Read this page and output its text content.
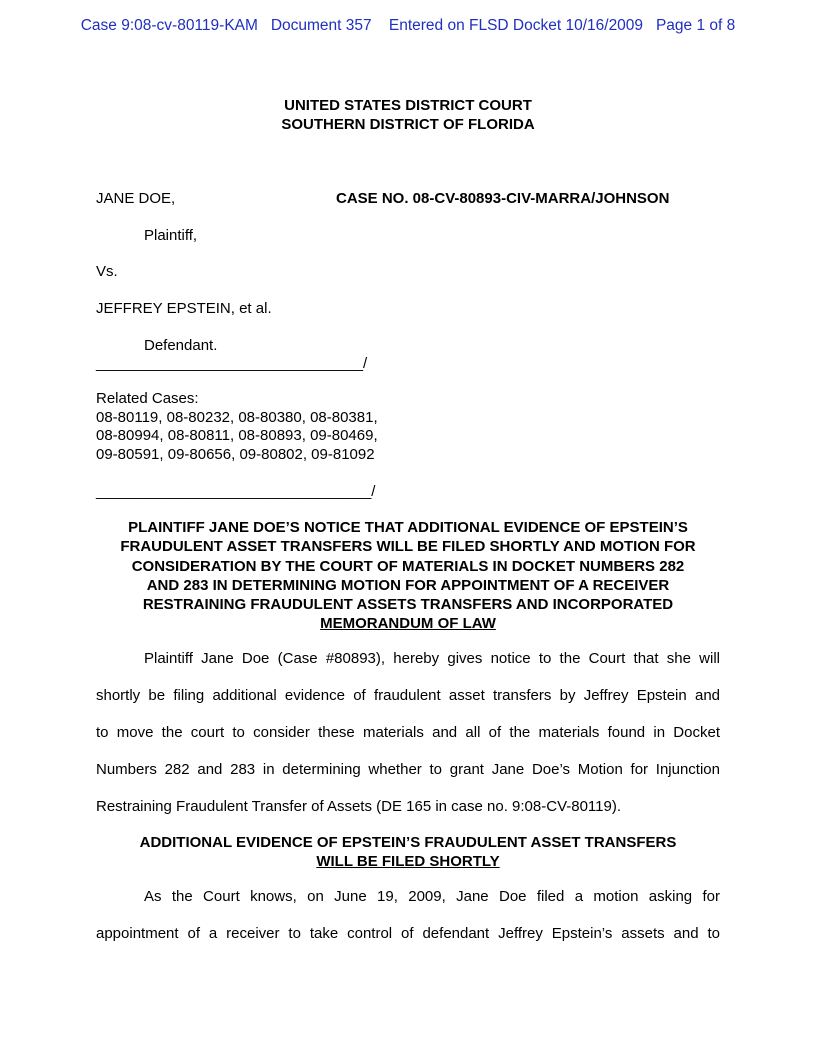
Case 9:08-cv-80119-KAM   Document 357    Entered on FLSD Docket 10/16/2009   Page 1 of 8
UNITED STATES DISTRICT COURT
SOUTHERN DISTRICT OF FLORIDA
JANE DOE,	CASE NO. 08-CV-80893-CIV-MARRA/JOHNSON
Plaintiff,
Vs.
JEFFREY EPSTEIN, et al.
Defendant.
________________________________/
Related Cases:
08-80119, 08-80232, 08-80380, 08-80381,
08-80994, 08-80811, 08-80893, 09-80469,
09-80591, 09-80656, 09-80802, 09-81092
_________________________________/
PLAINTIFF JANE DOE’S NOTICE THAT ADDITIONAL EVIDENCE OF EPSTEIN’S
FRAUDULENT ASSET TRANSFERS WILL BE FILED SHORTLY AND MOTION FOR
CONSIDERATION BY THE COURT OF MATERIALS IN DOCKET NUMBERS 282
AND 283 IN DETERMINING MOTION FOR APPOINTMENT OF A RECEIVER
RESTRAINING FRAUDULENT ASSETS TRANSFERS AND INCORPORATED
MEMORANDUM OF LAW
Plaintiff Jane Doe (Case #80893), hereby gives notice to the Court that she will
shortly be filing additional evidence of fraudulent asset transfers by Jeffrey Epstein and
to move the court to consider these materials and all of the materials found in Docket
Numbers 282 and 283 in determining whether to grant Jane Doe’s Motion for Injunction
Restraining Fraudulent Transfer of Assets (DE 165 in case no. 9:08-CV-80119).
ADDITIONAL EVIDENCE OF EPSTEIN’S FRAUDULENT ASSET TRANSFERS
WILL BE FILED SHORTLY
As the Court knows, on June 19, 2009, Jane Doe filed a motion asking for
appointment of a receiver to take control of defendant Jeffrey Epstein’s assets and to
